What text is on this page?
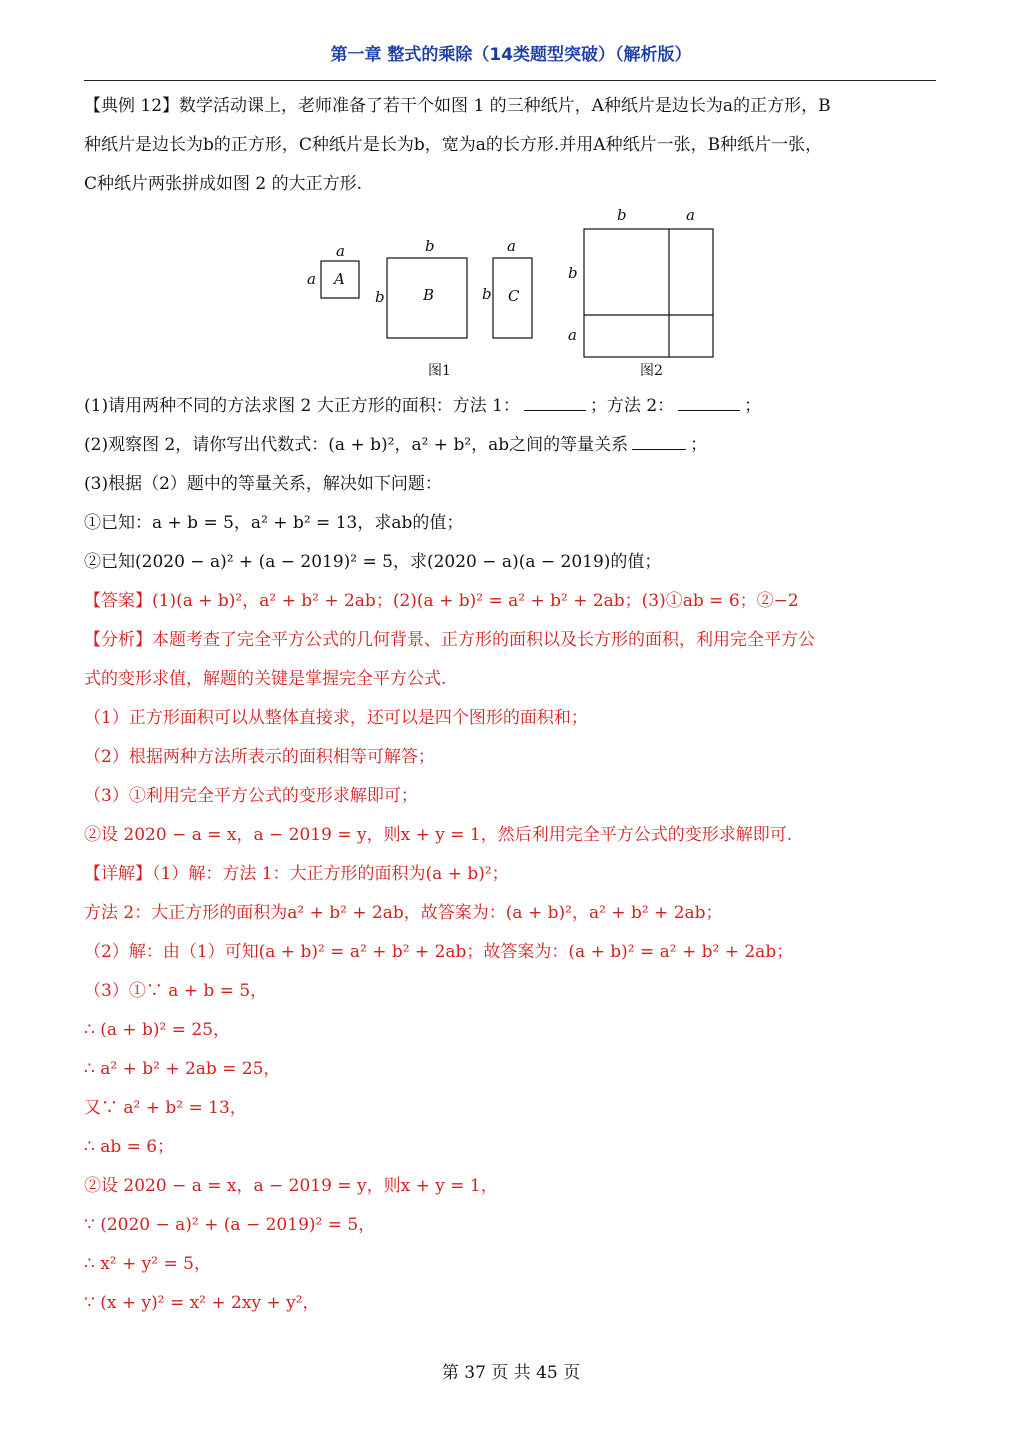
第一章 整式的乘除（14类题型突破）（解析版）
【典例 12】数学活动课上，老师准备了若干个如图 1 的三种纸片，A种纸片是边长为a的正方形，B
种纸片是边长为b的正方形，C种纸片是长为b，宽为a的长方形.并用A种纸片一张，B种纸片一张，
C种纸片两张拼成如图 2 的大正方形.
a
a A
b
b	B
a
b C
图1
b	a
b
a
图2
(1)请用两种不同的方法求图 2 大正方形的面积：方法 1：	；方法 2：	；
(2)观察图 2，请你写出代数式：(a + b)²，a² + b²，ab之间的等量关系	；
(3)根据（2）题中的等量关系，解决如下问题：
①已知：a + b = 5，a² + b² = 13，求ab的值；
②已知(2020 − a)² + (a − 2019)² = 5，求(2020 − a)(a − 2019)的值；
【答案】(1)(a + b)²，a² + b² + 2ab；(2)(a + b)² = a² + b² + 2ab；(3)①ab = 6；②−2
【分析】本题考查了完全平方公式的几何背景、正方形的面积以及长方形的面积，利用完全平方公
式的变形求值，解题的关键是掌握完全平方公式.
（1）正方形面积可以从整体直接求，还可以是四个图形的面积和；
（2）根据两种方法所表示的面积相等可解答；
（3）①利用完全平方公式的变形求解即可；
②设 2020 − a = x，a − 2019 = y，则x + y = 1，然后利用完全平方公式的变形求解即可.
【详解】（1）解：方法 1：大正方形的面积为(a + b)²；
方法 2：大正方形的面积为a² + b² + 2ab，故答案为：(a + b)²，a² + b² + 2ab；
（2）解：由（1）可知(a + b)² = a² + b² + 2ab；故答案为：(a + b)² = a² + b² + 2ab；
（3）①∵ a + b = 5，
∴ (a + b)² = 25，
∴ a² + b² + 2ab = 25，
又∵ a² + b² = 13，
∴ ab = 6；
②设 2020 − a = x，a − 2019 = y，则x + y = 1，
∵ (2020 − a)² + (a − 2019)² = 5，
∴ x² + y² = 5，
∵ (x + y)² = x² + 2xy + y²，
第 37 页 共 45 页
